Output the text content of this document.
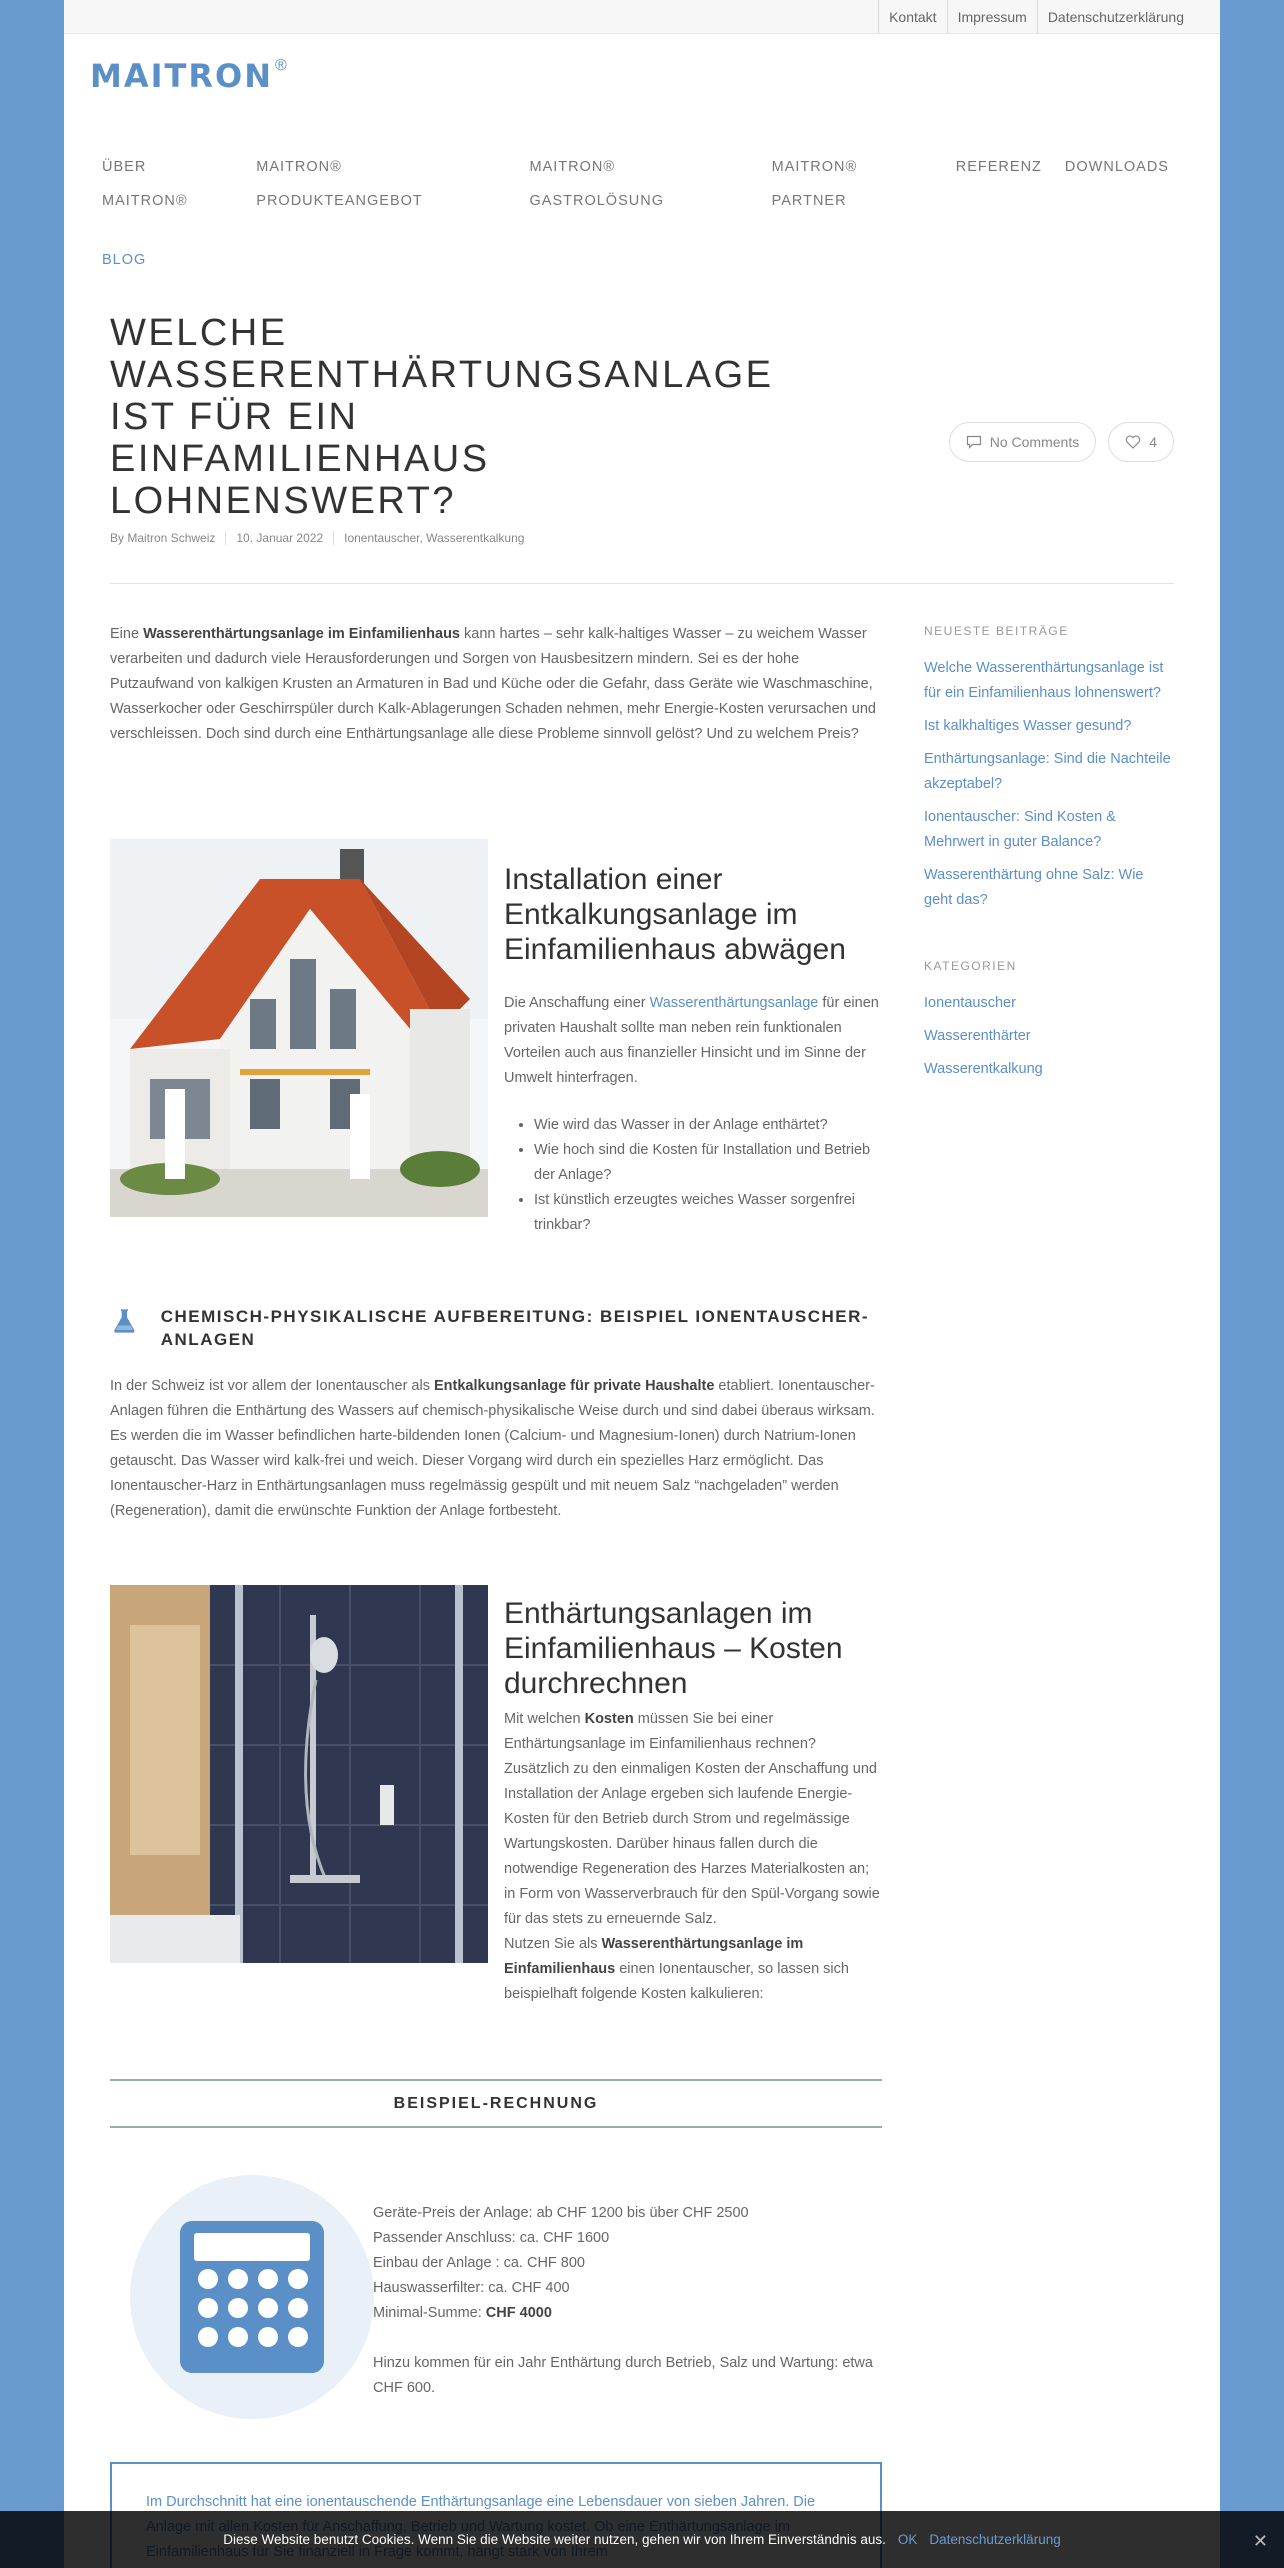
Kontakt	Impressum	Datenschutzerklärung
MAITRON ®
ÜBER MAITRON®
MAITRON® PRODUKTEANGEBOT
MAITRON® GASTROLÖSUNG
MAITRON® PARTNER
REFERENZ DOWNLOADS
BLOG
WELCHE
WASSERENTHÄRTUNGSANLAGE
IST FÜR EIN
EINFAMILIENHAUS
LOHNENSWERT?
By Maitron Schweiz	10. Januar 2022	Ionentauscher, Wasserentkalkung
No Comments	4

Eine Wasserenthärtungsanlage im Einfamilienhaus kann hartes – sehr kalk-haltiges Wasser – zu weichem Wasser verarbeiten und dadurch viele Herausforderungen und Sorgen von Hausbesitzern mindern. Sei es der hohe Putzaufwand von kalkigen Krusten an Armaturen in Bad und Küche oder die Gefahr, dass Geräte wie Waschmaschine, Wasserkocher oder Geschirrspüler durch Kalk-Ablagerungen Schaden nehmen, mehr Energie-Kosten verursachen und verschleissen. Doch sind durch eine Enthärtungsanlage alle diese Probleme sinnvoll gelöst? Und zu welchem Preis?

Installation einer Entkalkungsanlage im Einfamilienhaus abwägen

Die Anschaffung einer Wasserenthärtungsanlage für einen privaten Haushalt sollte man neben rein funktionalen Vorteilen auch aus finanzieller Hinsicht und im Sinne der Umwelt hinterfragen.

• Wie wird das Wasser in der Anlage enthärtet?
• Wie hoch sind die Kosten für Installation und Betrieb der Anlage?
• Ist künstlich erzeugtes weiches Wasser sorgenfrei trinkbar?
CHEMISCH-PHYSIKALISCHE AUFBEREITUNG: BEISPIEL IONENTAUSCHER-ANLAGEN

In der Schweiz ist vor allem der Ionentauscher als Entkalkungsanlage für private Haushalte etabliert. Ionentauscher-Anlagen führen die Enthärtung des Wassers auf chemisch-physikalische Weise durch und sind dabei überaus wirksam. Es werden die im Wasser befindlichen harte-bildenden Ionen (Calcium- und Magnesium-Ionen) durch Natrium-Ionen getauscht. Das Wasser wird kalk-frei und weich. Dieser Vorgang wird durch ein spezielles Harz ermöglicht. Das Ionentauscher-Harz in Enthärtungsanlagen muss regelmässig gespült und mit neuem Salz “nachgeladen” werden (Regeneration), damit die erwünschte Funktion der Anlage fortbesteht.

Enthärtungsanlagen im Einfamilienhaus – Kosten durchrechnen

Mit welchen Kosten müssen Sie bei einer Enthärtungsanlage im Einfamilienhaus rechnen? Zusätzlich zu den einmaligen Kosten der Anschaffung und Installation der Anlage ergeben sich laufende Energie-Kosten für den Betrieb durch Strom und regelmässige Wartungskosten. Darüber hinaus fallen durch die notwendige Regeneration des Harzes Materialkosten an; in Form von Wasserverbrauch für den Spül-Vorgang sowie für das stets zu erneuernde Salz.

Nutzen Sie als Wasserenthärtungsanlage im Einfamilienhaus einen Ionentauscher, so lassen sich beispielhaft folgende Kosten kalkulieren:

BEISPIEL-RECHNUNG

Geräte-Preis der Anlage: ab CHF 1200 bis über CHF 2500

Passender Anschluss: ca. CHF 1600

Einbau der Anlage : ca. CHF 800

Hauswasserfilter: ca. CHF 400

Minimal-Summe: CHF 4000

Hinzu kommen für ein Jahr Enthärtung durch Betrieb, Salz und Wartung: etwa CHF 600.

Im Durchschnitt hat eine ionentauschende Enthärtungsanlage eine Lebensdauer von sieben Jahren. Die
NEUESTE BEITRÄGE
Welche Wasserenthärtungsanlage ist für ein Einfamilienhaus lohnenswert?
Ist kalkhaltiges Wasser gesund?
Enthärtungsanlage: Sind die Nachteile akzeptabel?
Ionentauscher: Sind Kosten & Mehrwert in guter Balance?
Wasserenthärtung ohne Salz: Wie geht das?
KATEGORIEN
Ionentauscher
Wasserenthärter
Wasserentkalkung
Diese Website benutzt Cookies. Wenn Sie die Website weiter nutzen, gehen wir von Ihrem Einverständnis aus. OK Datenschutzerklärung	✕
